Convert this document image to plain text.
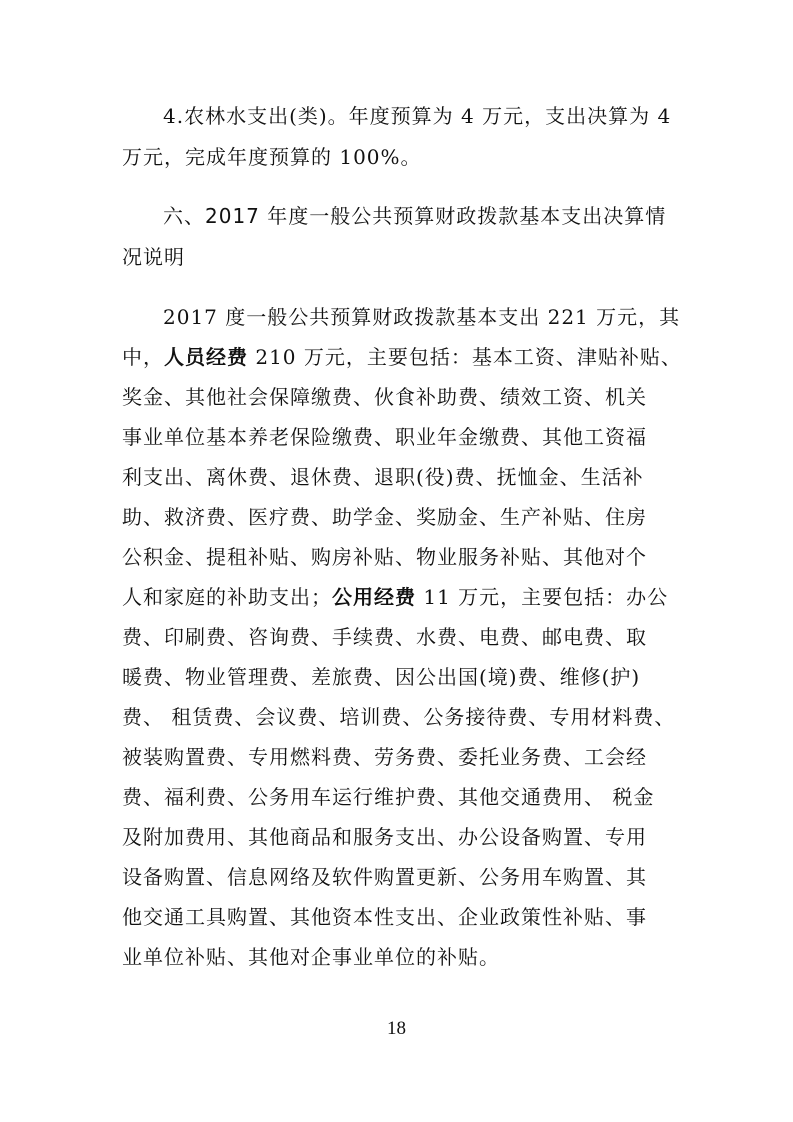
4.农林水支出(类)。年度预算为 4 万元，支出决算为 4
万元，完成年度预算的 100%。
六、2017 年度一般公共预算财政拨款基本支出决算情
况说明
2017 度一般公共预算财政拨款基本支出 221 万元，其
中，人员经费 210 万元，主要包括：基本工资、津贴补贴、
奖金、其他社会保障缴费、伙食补助费、绩效工资、机关
事业单位基本养老保险缴费、职业年金缴费、其他工资福
利支出、离休费、退休费、退职(役)费、抚恤金、生活补
助、救济费、医疗费、助学金、奖励金、生产补贴、住房
公积金、提租补贴、购房补贴、物业服务补贴、其他对个
人和家庭的补助支出；公用经费 11 万元，主要包括：办公
费、印刷费、咨询费、手续费、水费、电费、邮电费、取
暖费、物业管理费、差旅费、因公出国(境)费、维修(护)
费、 租赁费、会议费、培训费、公务接待费、专用材料费、
被装购置费、专用燃料费、劳务费、委托业务费、工会经
费、福利费、公务用车运行维护费、其他交通费用、 税金
及附加费用、其他商品和服务支出、办公设备购置、专用
设备购置、信息网络及软件购置更新、公务用车购置、其
他交通工具购置、其他资本性支出、企业政策性补贴、事
业单位补贴、其他对企事业单位的补贴。
18
